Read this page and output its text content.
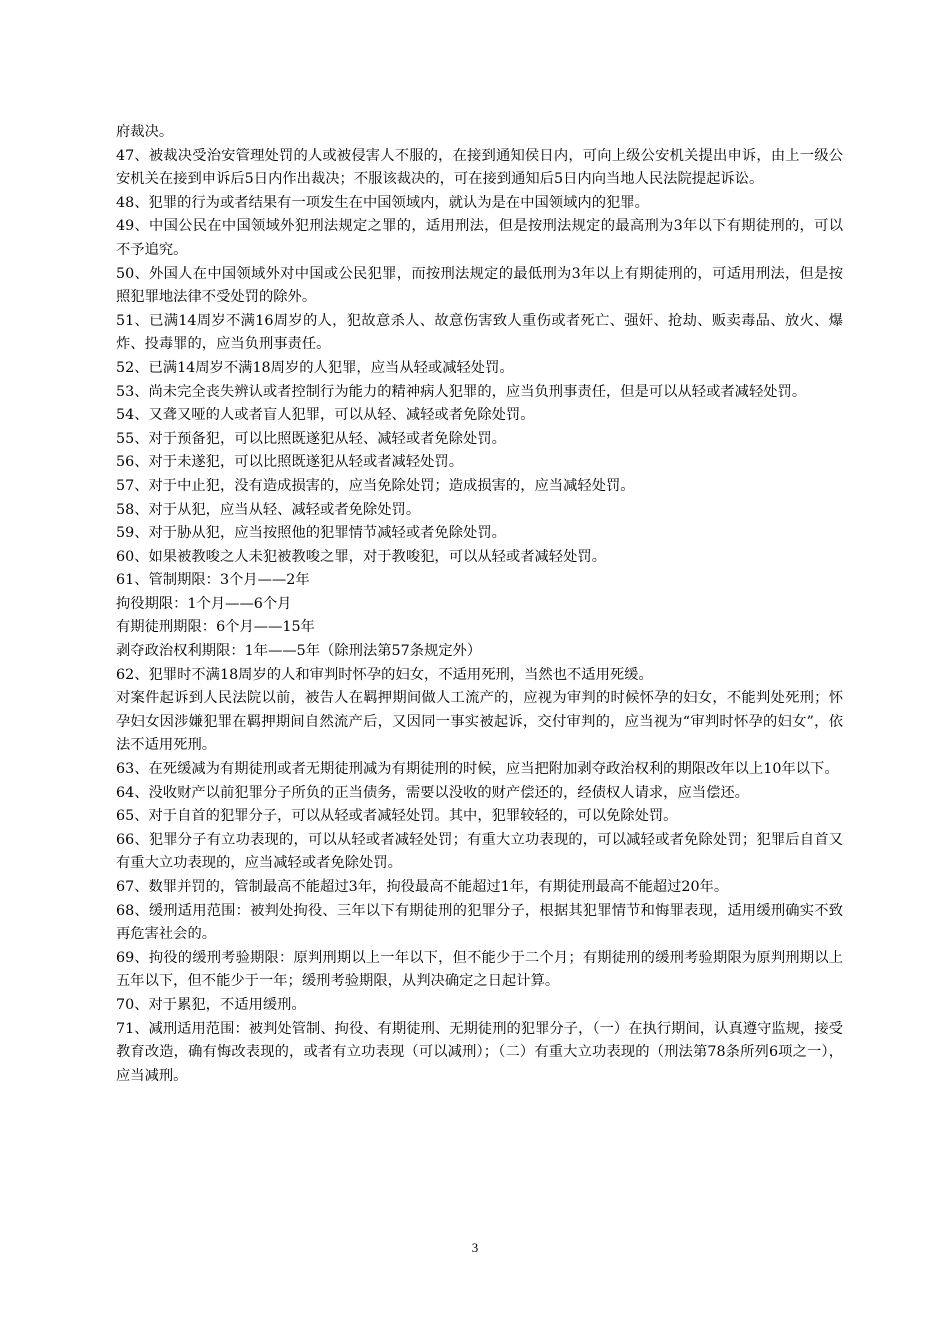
府裁决。

47、被裁决受治安管理处罚的人或被侵害人不服的，在接到通知侯日内，可向上级公安机关提出申诉，由上一级公安机关在接到申诉后5日内作出裁决；不服该裁决的，可在接到通知后5日内向当地人民法院提起诉讼。

48、犯罪的行为或者结果有一项发生在中国领域内，就认为是在中国领域内的犯罪。

49、中国公民在中国领域外犯刑法规定之罪的，适用刑法，但是按刑法规定的最高刑为3年以下有期徒刑的，可以不予追究。

50、外国人在中国领域外对中国或公民犯罪，而按刑法规定的最低刑为3年以上有期徒刑的，可适用刑法，但是按照犯罪地法律不受处罚的除外。

51、已满14周岁不满16周岁的人，犯故意杀人、故意伤害致人重伤或者死亡、强奸、抢劫、贩卖毒品、放火、爆炸、投毒罪的，应当负刑事责任。

52、已满14周岁不满18周岁的人犯罪，应当从轻或减轻处罚。

53、尚未完全丧失辨认或者控制行为能力的精神病人犯罪的，应当负刑事责任，但是可以从轻或者减轻处罚。

54、又聋又哑的人或者盲人犯罪，可以从轻、减轻或者免除处罚。

55、对于预备犯，可以比照既遂犯从轻、减轻或者免除处罚。

56、对于未遂犯，可以比照既遂犯从轻或者减轻处罚。

57、对于中止犯，没有造成损害的，应当免除处罚；造成损害的，应当减轻处罚。

58、对于从犯，应当从轻、减轻或者免除处罚。

59、对于胁从犯，应当按照他的犯罪情节减轻或者免除处罚。

60、如果被教唆之人未犯被教唆之罪，对于教唆犯，可以从轻或者减轻处罚。

61、管制期限：3个月——2年

拘役期限：1个月——6个月

有期徒刑期限：6个月——15年

剥夺政治权利期限：1年——5年（除刑法第57条规定外）

62、犯罪时不满18周岁的人和审判时怀孕的妇女，不适用死刑，当然也不适用死缓。

对案件起诉到人民法院以前，被告人在羁押期间做人工流产的，应视为审判的时候怀孕的妇女，不能判处死刑；怀孕妇女因涉嫌犯罪在羁押期间自然流产后，又因同一事实被起诉，交付审判的，应当视为“审判时怀孕的妇女”，依法不适用死刑。

63、在死缓减为有期徒刑或者无期徒刑减为有期徒刑的时候，应当把附加剥夺政治权利的期限改年以上10年以下。

64、没收财产以前犯罪分子所负的正当债务，需要以没收的财产偿还的，经债权人请求，应当偿还。

65、对于自首的犯罪分子，可以从轻或者减轻处罚。其中，犯罪较轻的，可以免除处罚。

66、犯罪分子有立功表现的，可以从轻或者减轻处罚；有重大立功表现的，可以减轻或者免除处罚；犯罪后自首又有重大立功表现的，应当减轻或者免除处罚。

67、数罪并罚的，管制最高不能超过3年，拘役最高不能超过1年，有期徒刑最高不能超过20年。

68、缓刑适用范围：被判处拘役、三年以下有期徒刑的犯罪分子，根据其犯罪情节和悔罪表现，适用缓刑确实不致再危害社会的。

69、拘役的缓刑考验期限：原判刑期以上一年以下，但不能少于二个月；有期徒刑的缓刑考验期限为原判刑期以上五年以下，但不能少于一年；缓刑考验期限，从判决确定之日起计算。

70、对于累犯，不适用缓刑。

71、减刑适用范围：被判处管制、拘役、有期徒刑、无期徒刑的犯罪分子，（一）在执行期间，认真遵守监规，接受教育改造，确有悔改表现的，或者有立功表现（可以减刑）；（二）有重大立功表现的（刑法第78条所列6项之一），应当减刑。

3
